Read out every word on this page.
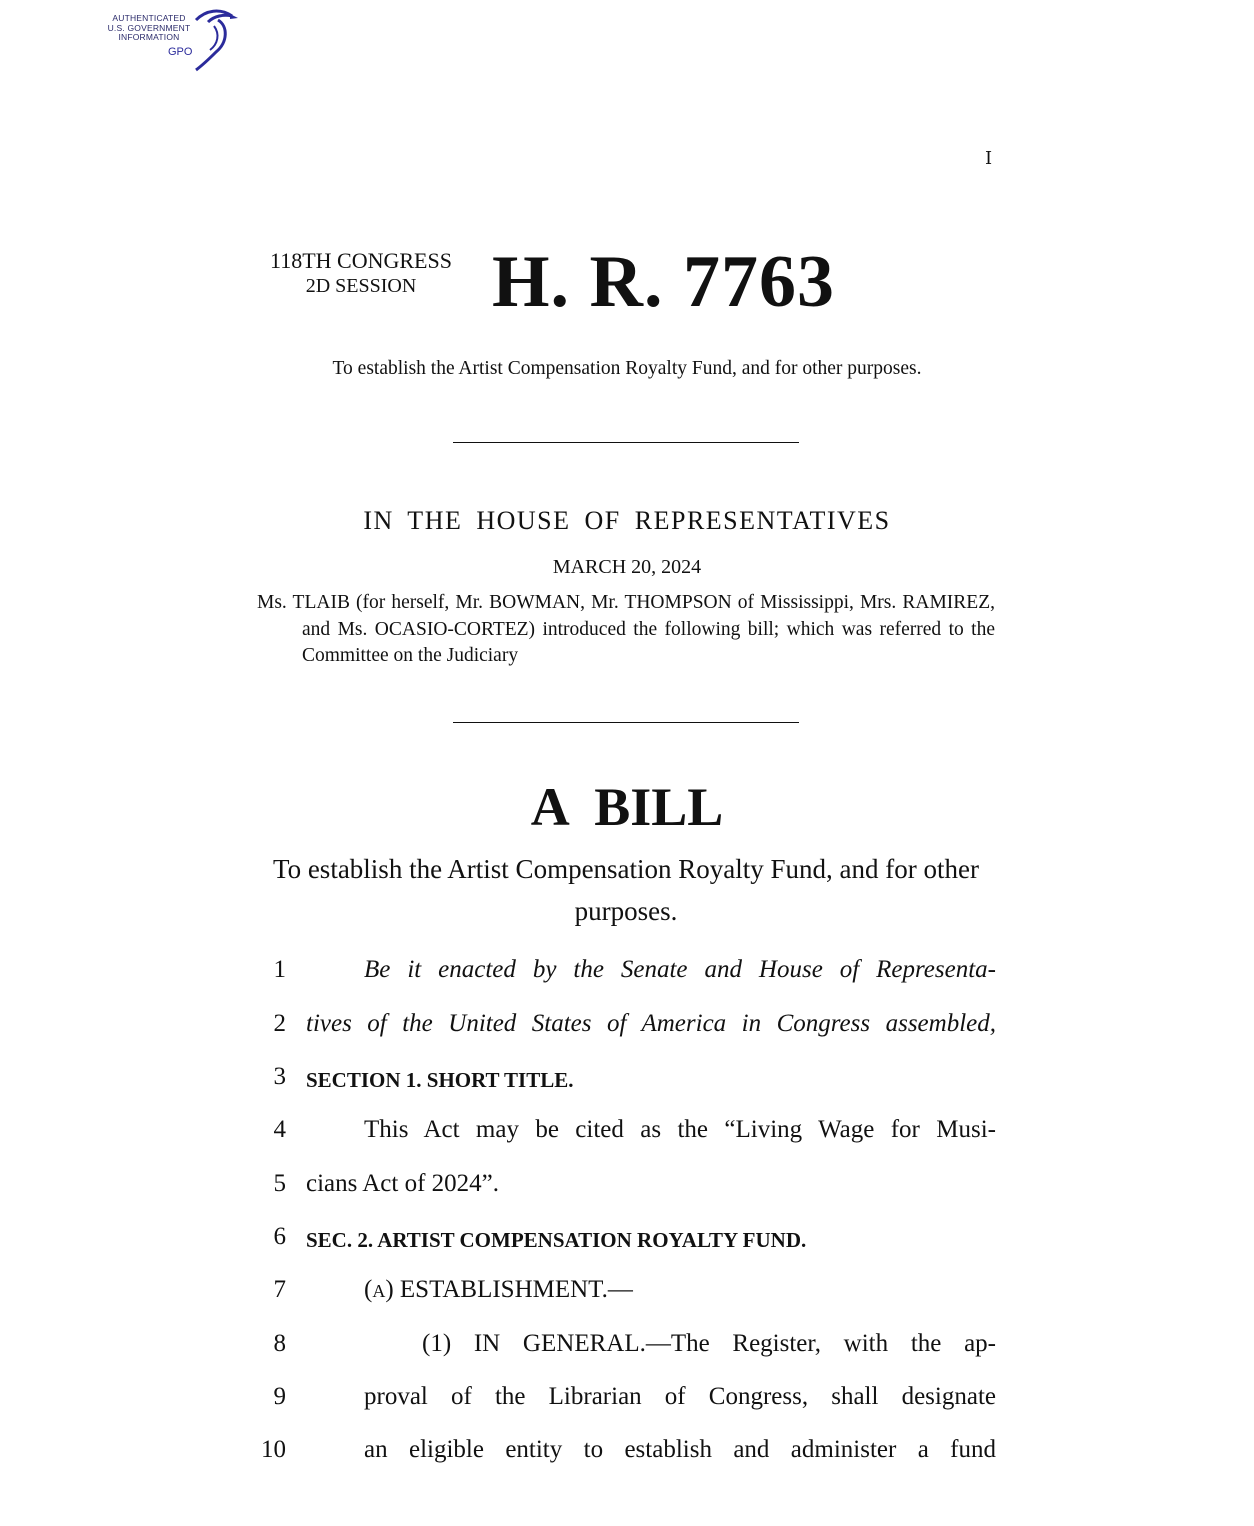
AUTHENTICATED
U.S. GOVERNMENT
INFORMATION
GPO
I
118TH CONGRESS
2D SESSION	H. R. 7763
To establish the Artist Compensation Royalty Fund, and for other purposes.
IN THE HOUSE OF REPRESENTATIVES
MARCH 20, 2024
Ms. TLAIB (for herself, Mr. BOWMAN, Mr. THOMPSON of Mississippi, Mrs. RAMIREZ, and Ms. OCASIO-CORTEZ) introduced the following bill; which was referred to the Committee on the Judiciary
A BILL
To establish the Artist Compensation Royalty Fund, and for other purposes.
1	Be it enacted by the Senate and House of Representa-
2 tives of the United States of America in Congress assembled,
3 SECTION 1. SHORT TITLE.
4	This Act may be cited as the “Living Wage for Musi-
5 cians Act of 2024”.
6 SEC. 2. ARTIST COMPENSATION ROYALTY FUND.
7	(a) ESTABLISHMENT.—
8	(1) IN GENERAL.—The Register, with the ap-
9	proval of the Librarian of Congress, shall designate
10	an eligible entity to establish and administer a fund
